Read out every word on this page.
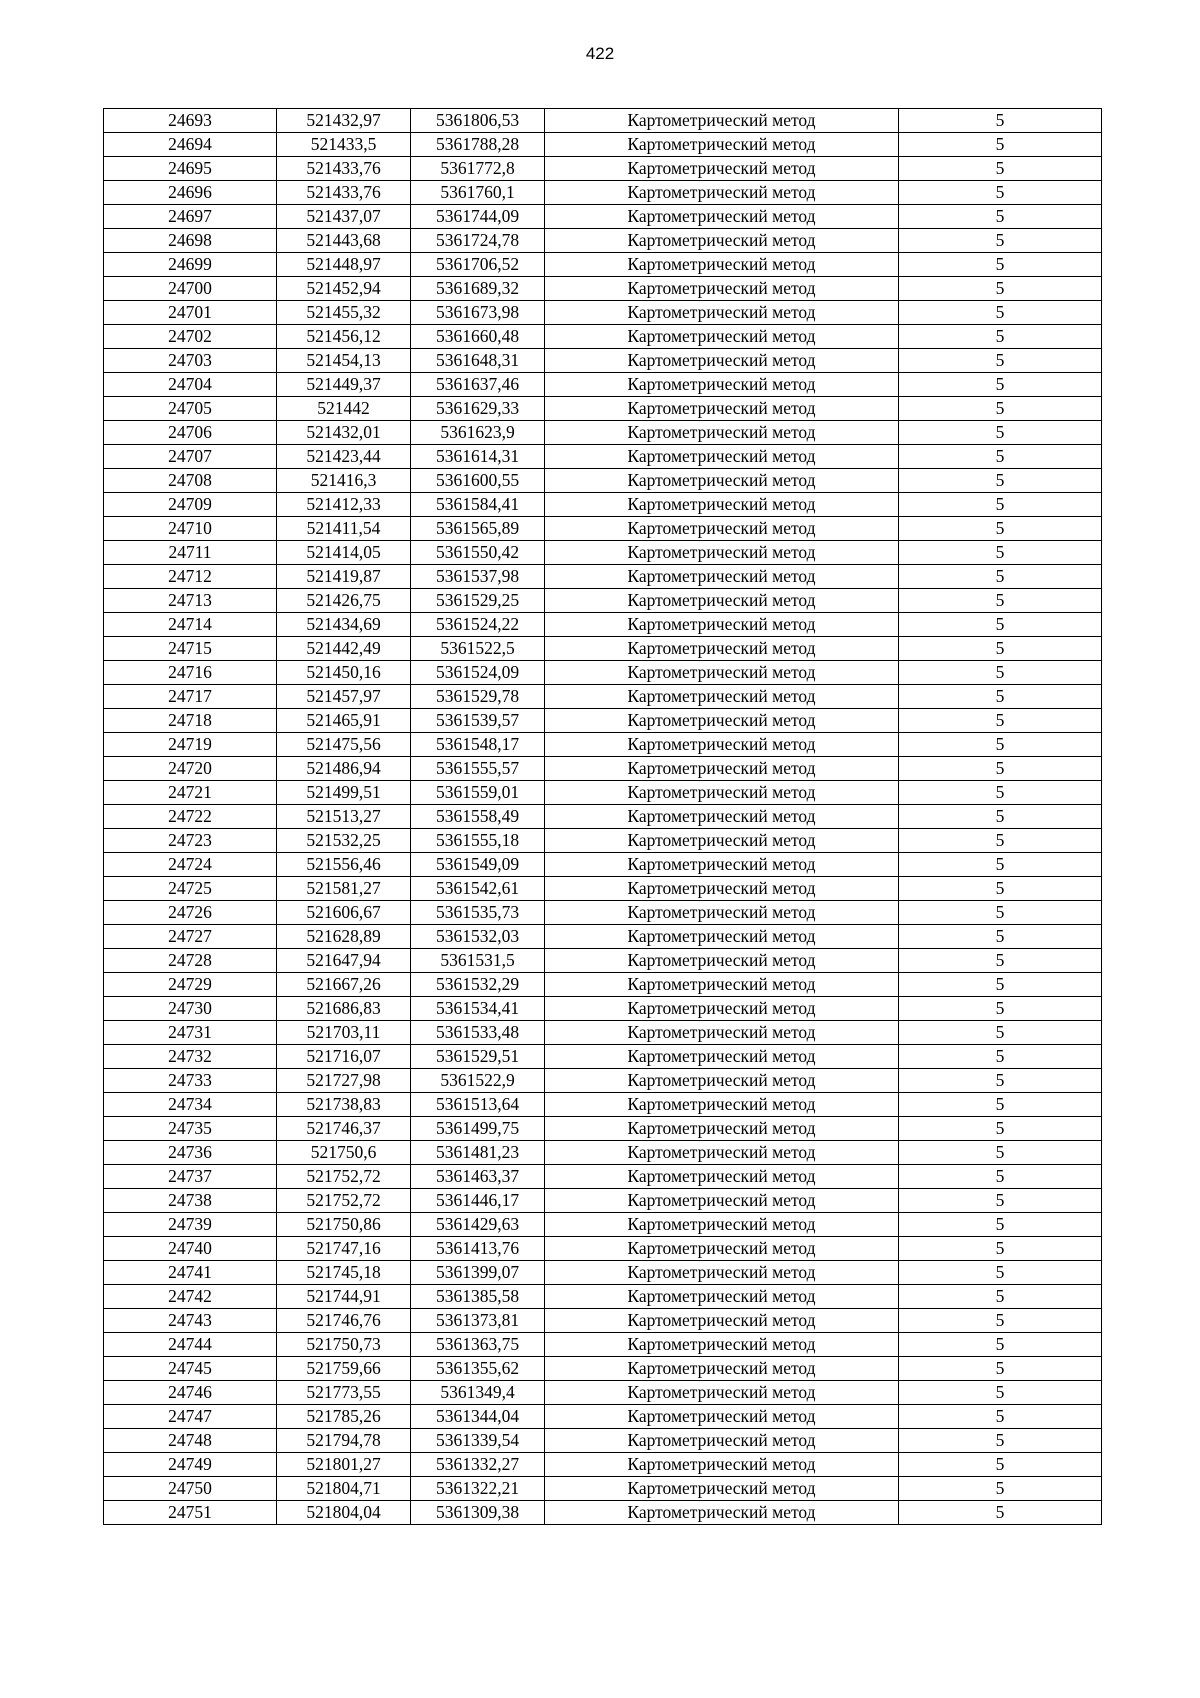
422
24693	521432,97	5361806,53	Картометрический метод	5
24694	521433,5	5361788,28	Картометрический метод	5
24695	521433,76	5361772,8	Картометрический метод	5
24696	521433,76	5361760,1	Картометрический метод	5
24697	521437,07	5361744,09	Картометрический метод	5
24698	521443,68	5361724,78	Картометрический метод	5
24699	521448,97	5361706,52	Картометрический метод	5
24700	521452,94	5361689,32	Картометрический метод	5
24701	521455,32	5361673,98	Картометрический метод	5
24702	521456,12	5361660,48	Картометрический метод	5
24703	521454,13	5361648,31	Картометрический метод	5
24704	521449,37	5361637,46	Картометрический метод	5
24705	521442	5361629,33	Картометрический метод	5
24706	521432,01	5361623,9	Картометрический метод	5
24707	521423,44	5361614,31	Картометрический метод	5
24708	521416,3	5361600,55	Картометрический метод	5
24709	521412,33	5361584,41	Картометрический метод	5
24710	521411,54	5361565,89	Картометрический метод	5
24711	521414,05	5361550,42	Картометрический метод	5
24712	521419,87	5361537,98	Картометрический метод	5
24713	521426,75	5361529,25	Картометрический метод	5
24714	521434,69	5361524,22	Картометрический метод	5
24715	521442,49	5361522,5	Картометрический метод	5
24716	521450,16	5361524,09	Картометрический метод	5
24717	521457,97	5361529,78	Картометрический метод	5
24718	521465,91	5361539,57	Картометрический метод	5
24719	521475,56	5361548,17	Картометрический метод	5
24720	521486,94	5361555,57	Картометрический метод	5
24721	521499,51	5361559,01	Картометрический метод	5
24722	521513,27	5361558,49	Картометрический метод	5
24723	521532,25	5361555,18	Картометрический метод	5
24724	521556,46	5361549,09	Картометрический метод	5
24725	521581,27	5361542,61	Картометрический метод	5
24726	521606,67	5361535,73	Картометрический метод	5
24727	521628,89	5361532,03	Картометрический метод	5
24728	521647,94	5361531,5	Картометрический метод	5
24729	521667,26	5361532,29	Картометрический метод	5
24730	521686,83	5361534,41	Картометрический метод	5
24731	521703,11	5361533,48	Картометрический метод	5
24732	521716,07	5361529,51	Картометрический метод	5
24733	521727,98	5361522,9	Картометрический метод	5
24734	521738,83	5361513,64	Картометрический метод	5
24735	521746,37	5361499,75	Картометрический метод	5
24736	521750,6	5361481,23	Картометрический метод	5
24737	521752,72	5361463,37	Картометрический метод	5
24738	521752,72	5361446,17	Картометрический метод	5
24739	521750,86	5361429,63	Картометрический метод	5
24740	521747,16	5361413,76	Картометрический метод	5
24741	521745,18	5361399,07	Картометрический метод	5
24742	521744,91	5361385,58	Картометрический метод	5
24743	521746,76	5361373,81	Картометрический метод	5
24744	521750,73	5361363,75	Картометрический метод	5
24745	521759,66	5361355,62	Картометрический метод	5
24746	521773,55	5361349,4	Картометрический метод	5
24747	521785,26	5361344,04	Картометрический метод	5
24748	521794,78	5361339,54	Картометрический метод	5
24749	521801,27	5361332,27	Картометрический метод	5
24750	521804,71	5361322,21	Картометрический метод	5
24751	521804,04	5361309,38	Картометрический метод	5
